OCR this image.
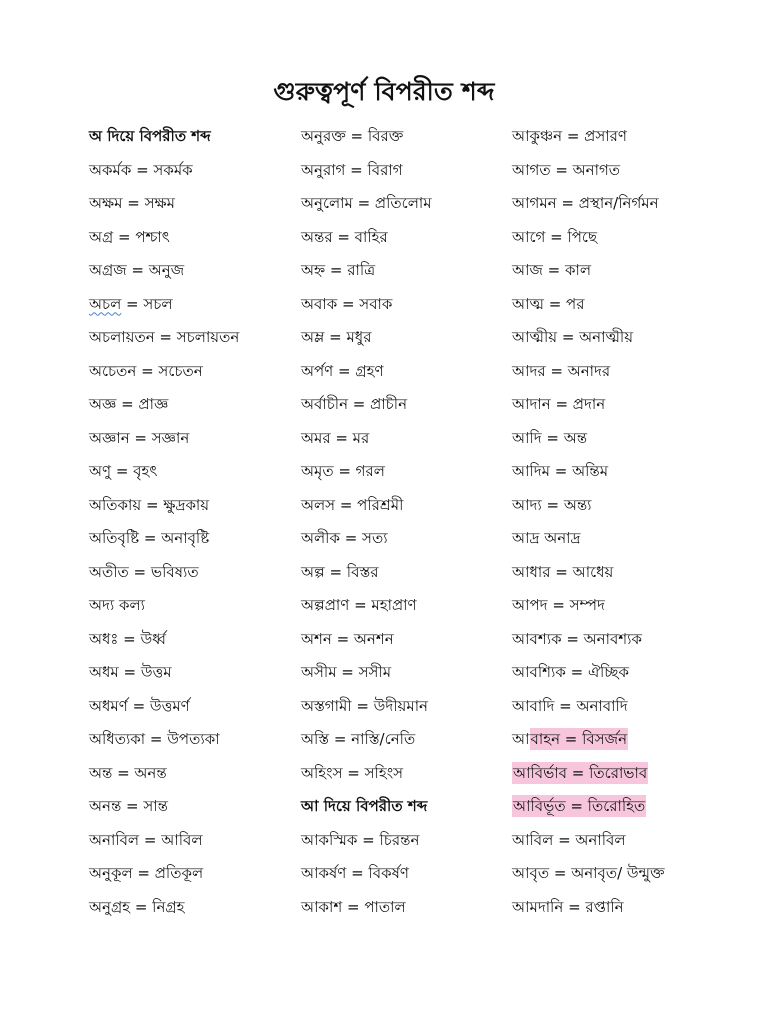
গুরুত্বপূর্ণ বিপরীত শব্দ
অ দিয়ে বিপরীত শব্দ
অকর্মক = সকর্মক
অক্ষম = সক্ষম
অগ্র = পশ্চাৎ
অগ্রজ = অনুজ
অচল = সচল
অচলায়তন = সচলায়তন
অচেতন = সচেতন
অজ্ঞ = প্রাজ্ঞ
অজ্ঞান = সজ্ঞান
অণু = বৃহৎ
অতিকায় = ক্ষুদ্রকায়
অতিবৃষ্টি = অনাবৃষ্টি
অতীত = ভবিষ্যত
অদ্য কল্য
অধঃ = উর্ধ্ব
অধম = উত্তম
অধমর্ণ = উত্তমর্ণ
অধিত্যকা = উপত্যকা
অন্ত = অনন্ত
অনন্ত = সান্ত
অনাবিল = আবিল
অনুকূল = প্রতিকূল
অনুগ্রহ = নিগ্রহ
অনুরক্ত = বিরক্ত
অনুরাগ = বিরাগ
অনুলোম = প্রতিলোম
অন্তর = বাহির
অহ্ন = রাত্রি
অবাক = সবাক
অম্ল = মধুর
অর্পণ = গ্রহণ
অর্বাচীন = প্রাচীন
অমর = মর
অমৃত = গরল
অলস = পরিশ্রমী
অলীক = সত্য
অল্প = বিস্তর
অল্পপ্রাণ = মহাপ্রাণ
অশন = অনশন
অসীম = সসীম
অস্তগামী = উদীয়মান
অস্তি = নাস্তি/নেতি
অহিংস = সহিংস
আ দিয়ে বিপরীত শব্দ
আকস্মিক = চিরন্তন
আকর্ষণ = বিকর্ষণ
আকাশ = পাতাল
আকুঞ্চন = প্রসারণ
আগত = অনাগত
আগমন = প্রস্থান/নির্গমন
আগে = পিছে
আজ = কাল
আত্ম = পর
আত্মীয় = অনাত্মীয়
আদর = অনাদর
আদান = প্রদান
আদি = অন্ত
আদিম = অন্তিম
আদ্য = অন্ত্য
আদ্র অনাদ্র
আধার = আধেয়
আপদ = সম্পদ
আবশ্যক = অনাবশ্যক
আবশ্যিক = ঐচ্ছিক
আবাদি = অনাবাদি
আবাহন = বিসর্জন
আবির্ভাব = তিরোভাব
আবির্ভূত = তিরোহিত
আবিল = অনাবিল
আবৃত = অনাবৃত/ উন্মুক্ত
আমদানি = রপ্তানি
